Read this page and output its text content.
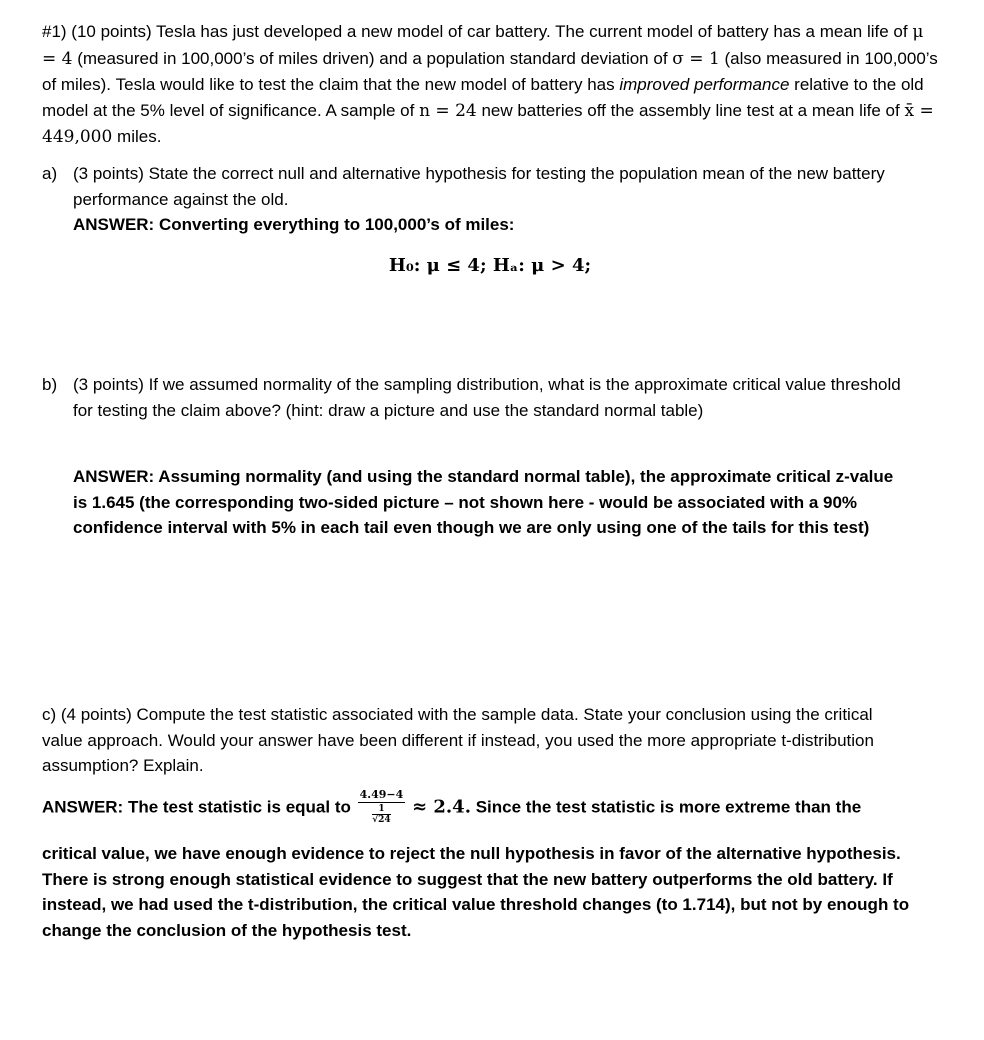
#1) (10 points) Tesla has just developed a new model of car battery. The current model of battery has a mean life of μ = 4 (measured in 100,000’s of miles driven) and a population standard deviation of σ = 1 (also measured in 100,000’s of miles). Tesla would like to test the claim that the new model of battery has improved performance relative to the old model at the 5% level of significance. A sample of n = 24 new batteries off the assembly line test at a mean life of x̄ = 449,000 miles.

a) (3 points) State the correct null and alternative hypothesis for testing the population mean of the new battery performance against the old.
ANSWER: Converting everything to 100,000’s of miles:
H₀: μ ≤ 4; Hₐ: μ > 4;
b) (3 points) If we assumed normality of the sampling distribution, what is the approximate critical value threshold for testing the claim above? (hint: draw a picture and use the standard normal table)
ANSWER: Assuming normality (and using the standard normal table), the approximate critical z-value is 1.645 (the corresponding two-sided picture – not shown here - would be associated with a 90% confidence interval with 5% in each tail even though we are only using one of the tails for this test)
c) (4 points) Compute the test statistic associated with the sample data. State your conclusion using the critical value approach. Would your answer have been different if instead, you used the more appropriate t-distribution assumption? Explain.
ANSWER: The test statistic is equal to $\frac{4.49-4}{\frac{1}{√24}} \approx 2.4$. Since the test statistic is more extreme than the
critical value, we have enough evidence to reject the null hypothesis in favor of the alternative hypothesis. There is strong enough statistical evidence to suggest that the new battery outperforms the old battery. If instead, we had used the t-distribution, the critical value threshold changes (to 1.714), but not by enough to change the conclusion of the hypothesis test.
